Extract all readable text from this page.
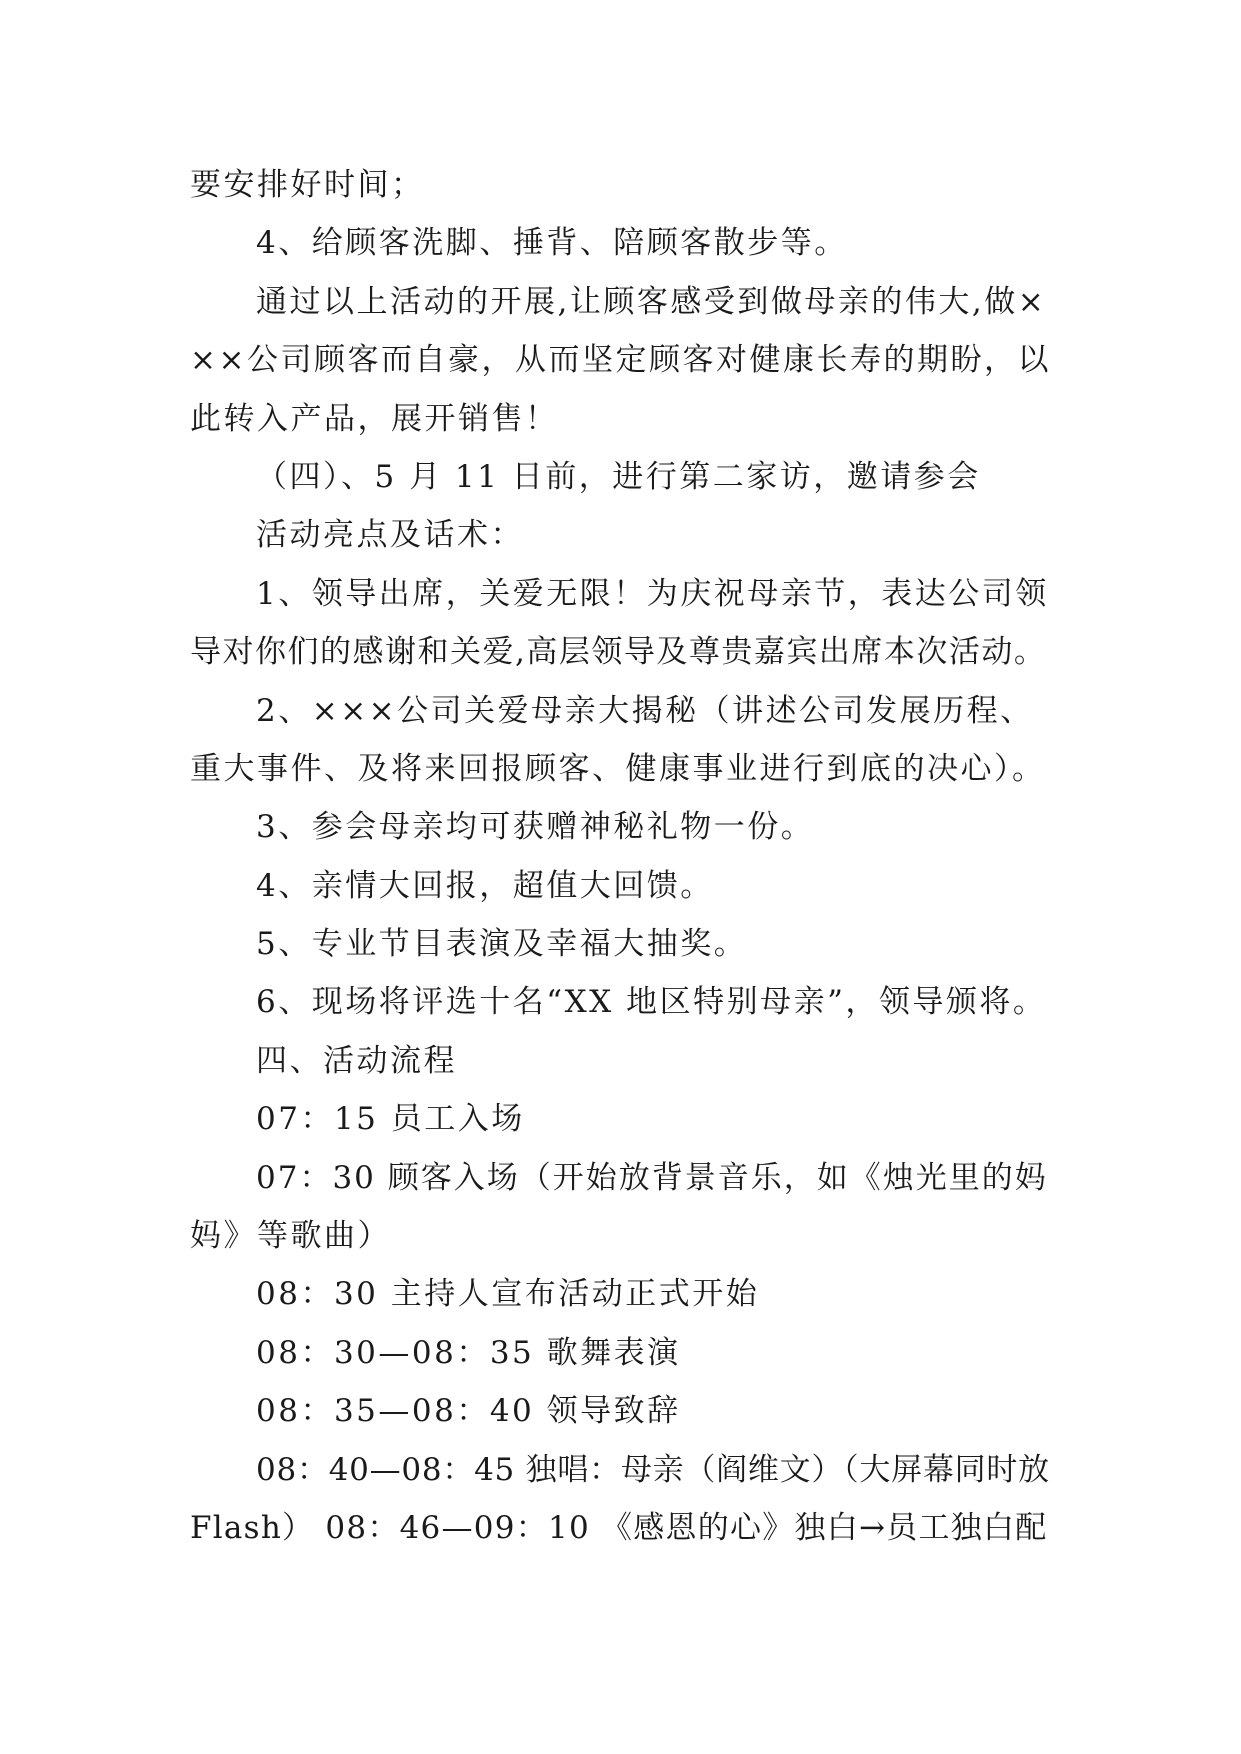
要安排好时间；
4、给顾客洗脚、捶背、陪顾客散步等。
通过以上活动的开展,让顾客感受到做母亲的伟大,做×
××公司顾客而自豪，从而坚定顾客对健康长寿的期盼，以
此转入产品，展开销售！
（四）、5 月 11 日前，进行第二家访，邀请参会
活动亮点及话术：
1、领导出席，关爱无限！为庆祝母亲节，表达公司领
导对你们的感谢和关爱,高层领导及尊贵嘉宾出席本次活动。
2、×××公司关爱母亲大揭秘（讲述公司发展历程、
重大事件、及将来回报顾客、健康事业进行到底的决心）。
3、参会母亲均可获赠神秘礼物一份。
4、亲情大回报，超值大回馈。
5、专业节目表演及幸福大抽奖。
6、现场将评选十名“XX 地区特别母亲”，领导颁将。
四、活动流程
07：15 员工入场
07：30 顾客入场（开始放背景音乐，如《烛光里的妈
妈》等歌曲）
08：30 主持人宣布活动正式开始
08：30—08：35 歌舞表演
08：35—08：40 领导致辞
08：40—08：45 独唱：母亲（阎维文）（大屏幕同时放
Flash） 08：46—09：10 《感恩的心》独白→员工独白配
